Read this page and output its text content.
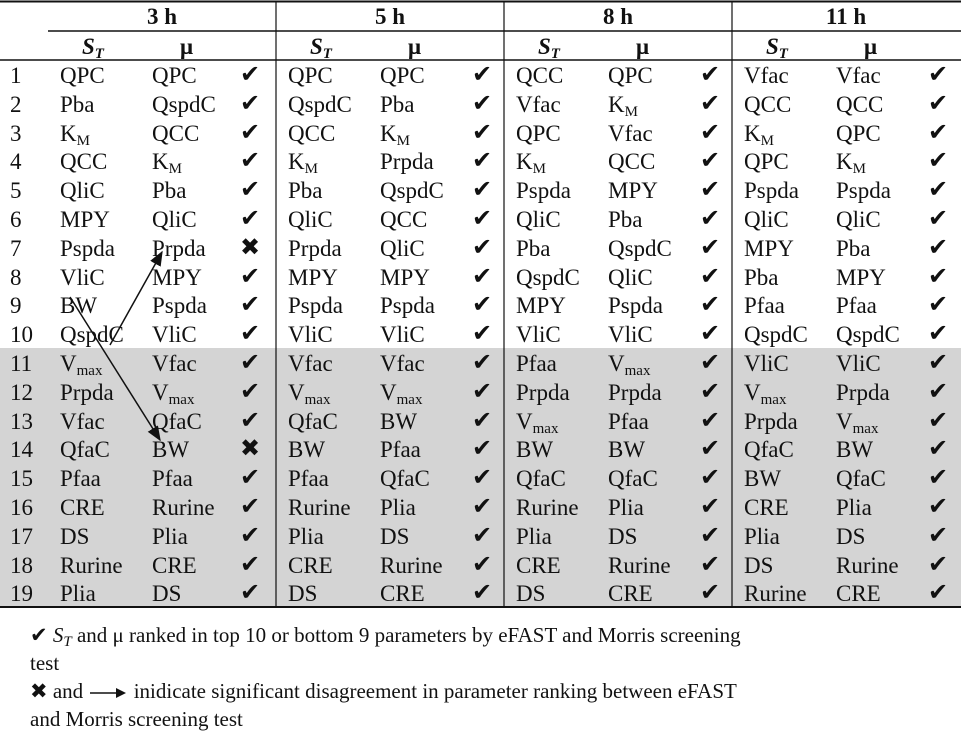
3 h
$S_T$	μ
5 h
$S_T$	μ
8 h
$S_T$	μ
11 h
$S_T$	μ
1 QPC QPC ✔ QPC QPC ✔ QCC QPC ✔ Vfac Vfac ✔
2 Pba	QspdC ✔ QspdC Pba ✔ Vfac $K_M$	✔ QCC QCC ✔
3 $K_M$	QCC ✔ QCC $K_M$	✔ QPC Vfac ✔ $K_M$	QPC ✔
4 QCC $K_M$ ✔ $K_M$	Prpda ✔ $K_M$	QCC ✔ QPC $K_M$	✔
5 QliC Pba ✔ Pba	QspdC ✔ Pspda MPY ✔ Pspda Pspda ✔
6 MPY QliC ✔ QliC QCC ✔ QliC Pba ✔ QliC QliC ✔
7 Pspda Prpda ✖ Prpda QliC ✔ Pba	QspdC ✔ MPY Pba ✔
8 VliC MPY ✔ MPY MPY ✔ QspdC QliC ✔ Pba	MPY ✔
9 BW Pspda ✔ Pspda Pspda ✔ MPY Pspda ✔ Pfaa Pfaa ✔
10 QspdC VliC ✔ VliC VliC ✔ VliC VliC ✔ QspdC QspdC ✔
11 $V_{max}$ Vfac ✔ Vfac Vfac ✔ Pfaa $V_{max}$ ✔ VliC VliC ✔
12 Prpda $V_{max}$ ✔ $V_{max}$ $V_{max}$ ✔ Prpda Prpda ✔ $V_{max}$ Prpda ✔
13 Vfac QfaC ✔ QfaC BW ✔ $V_{max}$ Pfaa ✔ Prpda $V_{max}$ ✔
14 QfaC BW ✖ BW Pfaa ✔ BW BW ✔ QfaC BW ✔
15 Pfaa Pfaa ✔ Pfaa QfaC ✔ QfaC QfaC ✔ BW QfaC ✔
16 CRE Rurine ✔ Rurine Plia ✔ Rurine Plia ✔ CRE Plia ✔
17 DS	Plia ✔ Plia DS	✔ Plia DS	✔ Plia DS	✔
18 Rurine CRE ✔ CRE Rurine ✔ CRE Rurine ✔ DS	Rurine ✔
19 Plia DS ✔ DS	CRE ✔ DS	CRE ✔ Rurine CRE ✔
✔ $S_T$ and μ ranked in top 10 or bottom 9 parameters by eFAST and Morris screening
test
✖ and  inidicate significant disagreement in parameter ranking between eFAST
and Morris screening test
